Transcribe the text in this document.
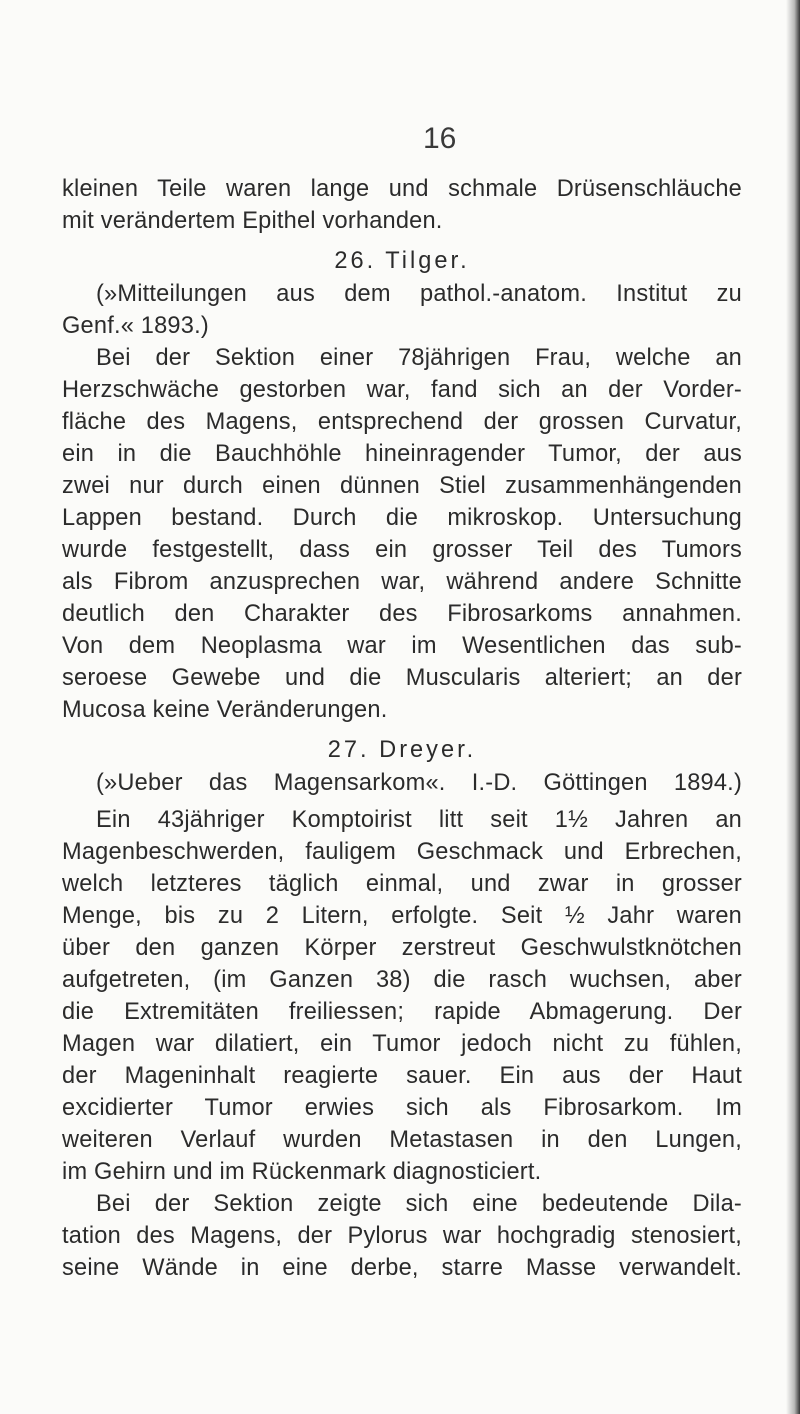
16
kleinen Teile waren lange und schmale Drüsenschläuche
mit verändertem Epithel vorhanden.
26. Tilger.
(»Mitteilungen aus dem pathol.-anatom. Institut zu
Genf.« 1893.)
Bei der Sektion einer 78jährigen Frau, welche an
Herzschwäche gestorben war, fand sich an der Vorder-
fläche des Magens, entsprechend der grossen Curvatur,
ein in die Bauchhöhle hineinragender Tumor, der aus
zwei nur durch einen dünnen Stiel zusammenhängenden
Lappen bestand. Durch die mikroskop. Untersuchung
wurde festgestellt, dass ein grosser Teil des Tumors
als Fibrom anzusprechen war, während andere Schnitte
deutlich den Charakter des Fibrosarkoms annahmen.
Von dem Neoplasma war im Wesentlichen das sub-
seroese Gewebe und die Muscularis alteriert; an der
Mucosa keine Veränderungen.
27. Dreyer.
(»Ueber das Magensarkom«. I.-D. Göttingen 1894.)
Ein 43jähriger Komptoirist litt seit 1½ Jahren an
Magenbeschwerden, fauligem Geschmack und Erbrechen,
welch letzteres täglich einmal, und zwar in grosser
Menge, bis zu 2 Litern, erfolgte. Seit ½ Jahr waren
über den ganzen Körper zerstreut Geschwulstknötchen
aufgetreten, (im Ganzen 38) die rasch wuchsen, aber
die Extremitäten freiliessen; rapide Abmagerung. Der
Magen war dilatiert, ein Tumor jedoch nicht zu fühlen,
der Mageninhalt reagierte sauer. Ein aus der Haut
excidierter Tumor erwies sich als Fibrosarkom. Im
weiteren Verlauf wurden Metastasen in den Lungen,
im Gehirn und im Rückenmark diagnosticiert.
Bei der Sektion zeigte sich eine bedeutende Dila-
tation des Magens, der Pylorus war hochgradig stenosiert,
seine Wände in eine derbe, starre Masse verwandelt.
